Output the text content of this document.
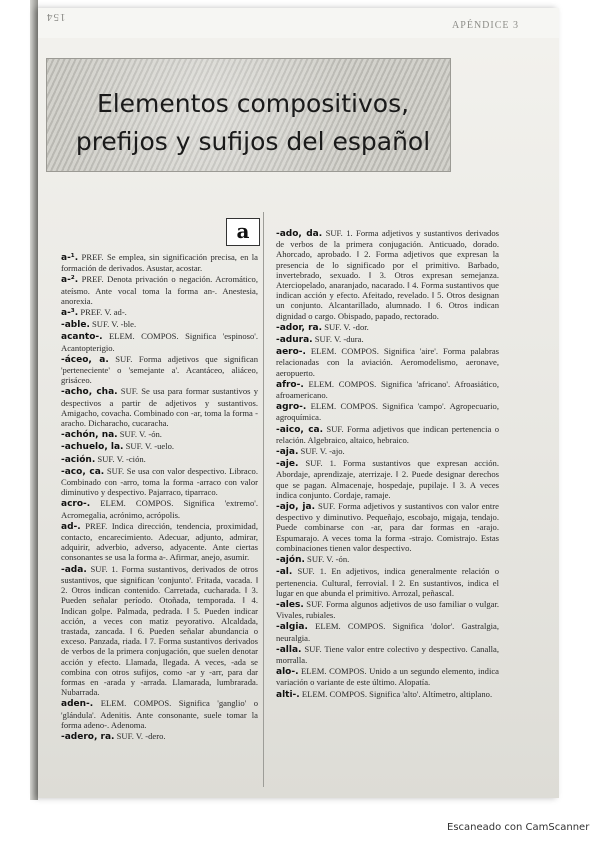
154
APÉNDICE 3
Elementos compositivos, prefijos y sufijos del español
a
a-¹. PREF. Se emplea, sin significación precisa, en la formación de derivados. Asustar, acostar.
a-². PREF. Denota privación o negación. Acromático, ateísmo. Ante vocal toma la forma an-. Anestesia, anorexia.
a-³. PREF. V. ad-.
-able. SUF. V. -ble.
acanto-. ELEM. COMPOS. Significa 'espinoso'. Acantopterigio.
-áceo, a. SUF. Forma adjetivos que significan 'perteneciente' o 'semejante a'. Acantáceo, aliáceo, grisáceo.
-acho, cha. SUF. Se usa para formar sustantivos y despectivos a partir de adjetivos y sustantivos. Amigacho, covacha. Combinado con -ar, toma la forma -aracho. Dicharacho, cucaracha.
-achón, na. SUF. V. -ón.
-achuelo, la. SUF. V. -uelo.
-ación. SUF. V. -ción.
-aco, ca. SUF. Se usa con valor despectivo. Libraco. Combinado con -arro, toma la forma -arraco con valor diminutivo y despectivo. Pajarraco, tiparraco.
acro-. ELEM. COMPOS. Significa 'extremo'. Acromegalia, acrónimo, acrópolis.
ad-. PREF. Indica dirección, tendencia, proximidad, contacto, encarecimiento. Adecuar, adjunto, admirar, adquirir, adverbio, adverso, adyacente. Ante ciertas consonantes se usa la forma a-. Afirmar, anejo, asumir.
-ada. SUF. 1. Forma sustantivos, derivados de otros sustantivos, que significan 'conjunto'. Fritada, vacada. ‖ 2. Otros indican contenido. Carretada, cucharada. ‖ 3. Pueden señalar período. Otoñada, temporada. ‖ 4. Indican golpe. Palmada, pedrada. ‖ 5. Pueden indicar acción, a veces con matiz peyorativo. Alcaldada, trastada, zancada. ‖ 6. Pueden señalar abundancia o exceso. Panzada, riada. ‖ 7. Forma sustantivos derivados de verbos de la primera conjugación, que suelen denotar acción y efecto. Llamada, llegada. A veces, -ada se combina con otros sufijos, como -ar y -arr, para dar formas en -arada y -arrada. Llamarada, lumbrarada. Nubarrada.
aden-. ELEM. COMPOS. Significa 'ganglio' o 'glándula'. Adenitis. Ante consonante, suele tomar la forma adeno-. Adenoma.
-adero, ra. SUF. V. -dero.
-ado, da. SUF. 1. Forma adjetivos y sustantivos derivados de verbos de la primera conjugación. Anticuado, dorado. Ahorcado, aprobado. ‖ 2. Forma adjetivos que expresan la presencia de lo significado por el primitivo. Barbado, invertebrado, sexuado. ‖ 3. Otros expresan semejanza. Aterciopelado, anaranjado, nacarado. ‖ 4. Forma sustantivos que indican acción y efecto. Afeitado, revelado. ‖ 5. Otros designan un conjunto. Alcantarillado, alumnado. ‖ 6. Otros indican dignidad o cargo. Obispado, papado, rectorado.
-ador, ra. SUF. V. -dor.
-adura. SUF. V. -dura.
aero-. ELEM. COMPOS. Significa 'aire'. Forma palabras relacionadas con la aviación. Aeromodelismo, aeronave, aeropuerto.
afro-. ELEM. COMPOS. Significa 'africano'. Afroasiático, afroamericano.
agro-. ELEM. COMPOS. Significa 'campo'. Agropecuario, agroquímica.
-aico, ca. SUF. Forma adjetivos que indican pertenencia o relación. Algebraico, altaico, hebraico.
-aja. SUF. V. -ajo.
-aje. SUF. 1. Forma sustantivos que expresan acción. Abordaje, aprendizaje, aterrizaje. ‖ 2. Puede designar derechos que se pagan. Almacenaje, hospedaje, pupilaje. ‖ 3. A veces indica conjunto. Cordaje, ramaje.
-ajo, ja. SUF. Forma adjetivos y sustantivos con valor entre despectivo y diminutivo. Pequeñajo, escobajo, migaja, tendajo. Puede combinarse con -ar, para dar formas en -arajo. Espumarajo. A veces toma la forma -strajo. Comistrajo. Estas combinaciones tienen valor despectivo.
-ajón. SUF. V. -ón.
-al. SUF. 1. En adjetivos, indica generalmente relación o pertenencia. Cultural, ferrovial. ‖ 2. En sustantivos, indica el lugar en que abunda el primitivo. Arrozal, peñascal.
-ales. SUF. Forma algunos adjetivos de uso familiar o vulgar. Vivales, rubiales.
-algia. ELEM. COMPOS. Significa 'dolor'. Gastralgia, neuralgia.
-alla. SUF. Tiene valor entre colectivo y despectivo. Canalla, morralla.
alo-. ELEM. COMPOS. Unido a un segundo elemento, indica variación o variante de este último. Alopatía.
alti-. ELEM. COMPOS. Significa 'alto'. Altímetro, altiplano.
Escaneado con CamScanner
